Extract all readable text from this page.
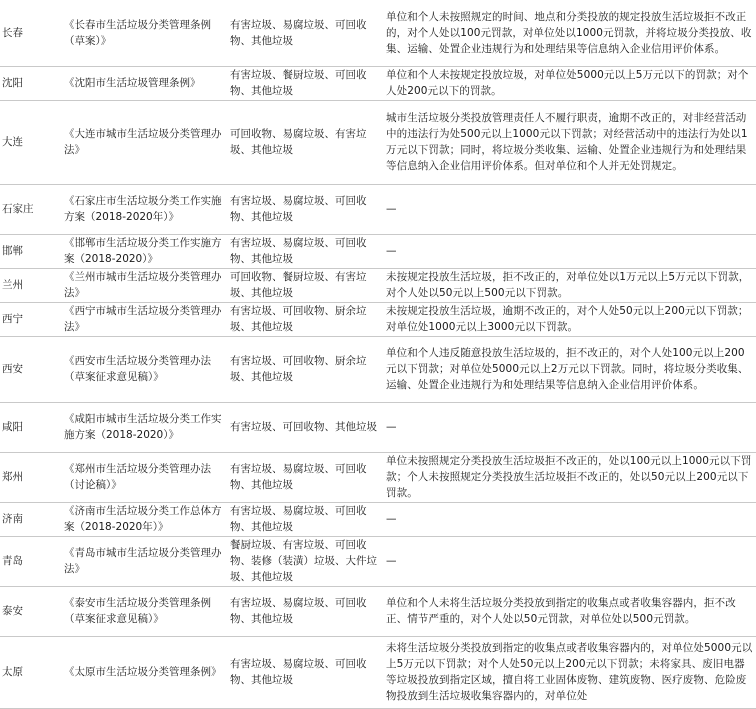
长春	《长春市生活垃圾分类管理条例（草案）》	有害垃圾、易腐垃圾、可回收物、其他垃圾	单位和个人未按照规定的时间、地点和分类投放的规定投放生活垃圾拒不改正的，对个人处以100元罚款，对单位处以1000元罚款，并将垃圾分类投放、收集、运输、处置企业违规行为和处理结果等信息纳入企业信用评价体系。
沈阳	《沈阳市生活垃圾管理条例》	有害垃圾、餐厨垃圾、可回收物、其他垃圾	单位和个人未按规定投放垃圾，对单位处5000元以上5万元以下的罚款；对个人处200元以下的罚款。
大连	《大连市城市生活垃圾分类管理办法》	可回收物、易腐垃圾、有害垃圾、其他垃圾	城市生活垃圾分类投放管理责任人不履行职责，逾期不改正的，对非经营活动中的违法行为处500元以上1000元以下罚款；对经营活动中的违法行为处以1万元以下罚款；同时，将垃圾分类收集、运输、处置企业违规行为和处理结果等信息纳入企业信用评价体系。但对单位和个人并无处罚规定。
石家庄	《石家庄市生活垃圾分类工作实施方案（2018-2020年）》	有害垃圾、易腐垃圾、可回收物、其他垃圾	—
邯郸	《邯郸市生活垃圾分类工作实施方案（2018-2020）》	有害垃圾、易腐垃圾、可回收物、其他垃圾	—
兰州	《兰州市城市生活垃圾分类管理办法》	可回收物、餐厨垃圾、有害垃圾、其他垃圾	未按规定投放生活垃圾，拒不改正的，对单位处以1万元以上5万元以下罚款，对个人处以50元以上500元以下罚款。
西宁	《西宁市城市生活垃圾分类管理办法》	有害垃圾、可回收物、厨余垃圾、其他垃圾	未按规定投放生活垃圾，逾期不改正的，对个人处50元以上200元以下罚款；对单位处1000元以上3000元以下罚款。
西安	《西安市生活垃圾分类管理办法（草案征求意见稿）》	有害垃圾、可回收物、厨余垃圾、其他垃圾	单位和个人违反随意投放生活垃圾的，拒不改正的，对个人处100元以上200元以下罚款；对单位处5000元以上2万元以下罚款。同时，将垃圾分类收集、运输、处置企业违规行为和处理结果等信息纳入企业信用评价体系。
咸阳	《咸阳市城市生活垃圾分类工作实施方案（2018-2020）》	有害垃圾、可回收物、其他垃圾	—
郑州	《郑州市生活垃圾分类管理办法（讨论稿）》	有害垃圾、易腐垃圾、可回收物、其他垃圾	单位未按照规定分类投放生活垃圾拒不改正的，处以100元以上1000元以下罚款；个人未按照规定分类投放生活垃圾拒不改正的，处以50元以上200元以下罚款。
济南	《济南市生活垃圾分类工作总体方案（2018-2020年）》	有害垃圾、易腐垃圾、可回收物、其他垃圾	—
青岛	《青岛市城市生活垃圾分类管理办法》	餐厨垃圾、有害垃圾、可回收物、装修（装潢）垃圾、大件垃圾、其他垃圾	—
泰安	《泰安市生活垃圾分类管理条例（草案征求意见稿）》	有害垃圾、易腐垃圾、可回收物、其他垃圾	单位和个人未将生活垃圾分类投放到指定的收集点或者收集容器内，拒不改正、情节严重的，对个人处以50元罚款，对单位处以500元罚款。
太原	《太原市生活垃圾分类管理条例》	有害垃圾、易腐垃圾、可回收物、其他垃圾	未将生活垃圾分类投放到指定的收集点或者收集容器内的，对单位处5000元以上5万元以下罚款；对个人处50元以上200元以下罚款；未将家具、废旧电器等垃圾投放到指定区域，擅自将工业固体废物、建筑废物、医疗废物、危险废物投放到生活垃圾收集容器内的，对单位处
